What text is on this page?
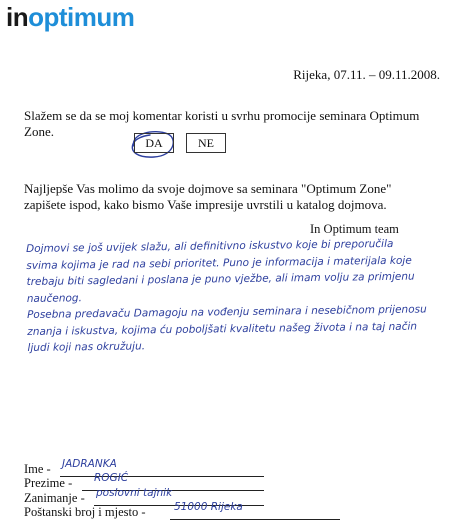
inoptimum
Rijeka, 07.11. – 09.11.2008.
Slažem se da se moj komentar koristi u svrhu promocije seminara Optimum Zone.
DA	NE
Najljepše Vas molimo da svoje dojmove sa seminara "Optimum Zone" zapišete ispod, kako bismo Vaše impresije uvrstili u katalog dojmova.
In Optimum team

Dojmovi se još uvijek slažu, ali definitivno iskustvo koje bi preporučila svima kojima je rad na sebi prioritet. Puno je informacija i materijala koje trebaju biti sagledani i poslana je puno vježbe, ali imam volju za primjenu naučenog.

Posebna predavaču Damagoju na vođenju seminara i nesebičnom prijenosu znanja i iskustva, kojima ću poboljšati kvalitetu našeg života i na taj način ljudi koji nas okružuju.

Ime - JADRANKA
Prezime - ROGIĆ
Zanimanje - poslovni tajnik
Poštanski broj i mjesto -	51000 Rijeka
